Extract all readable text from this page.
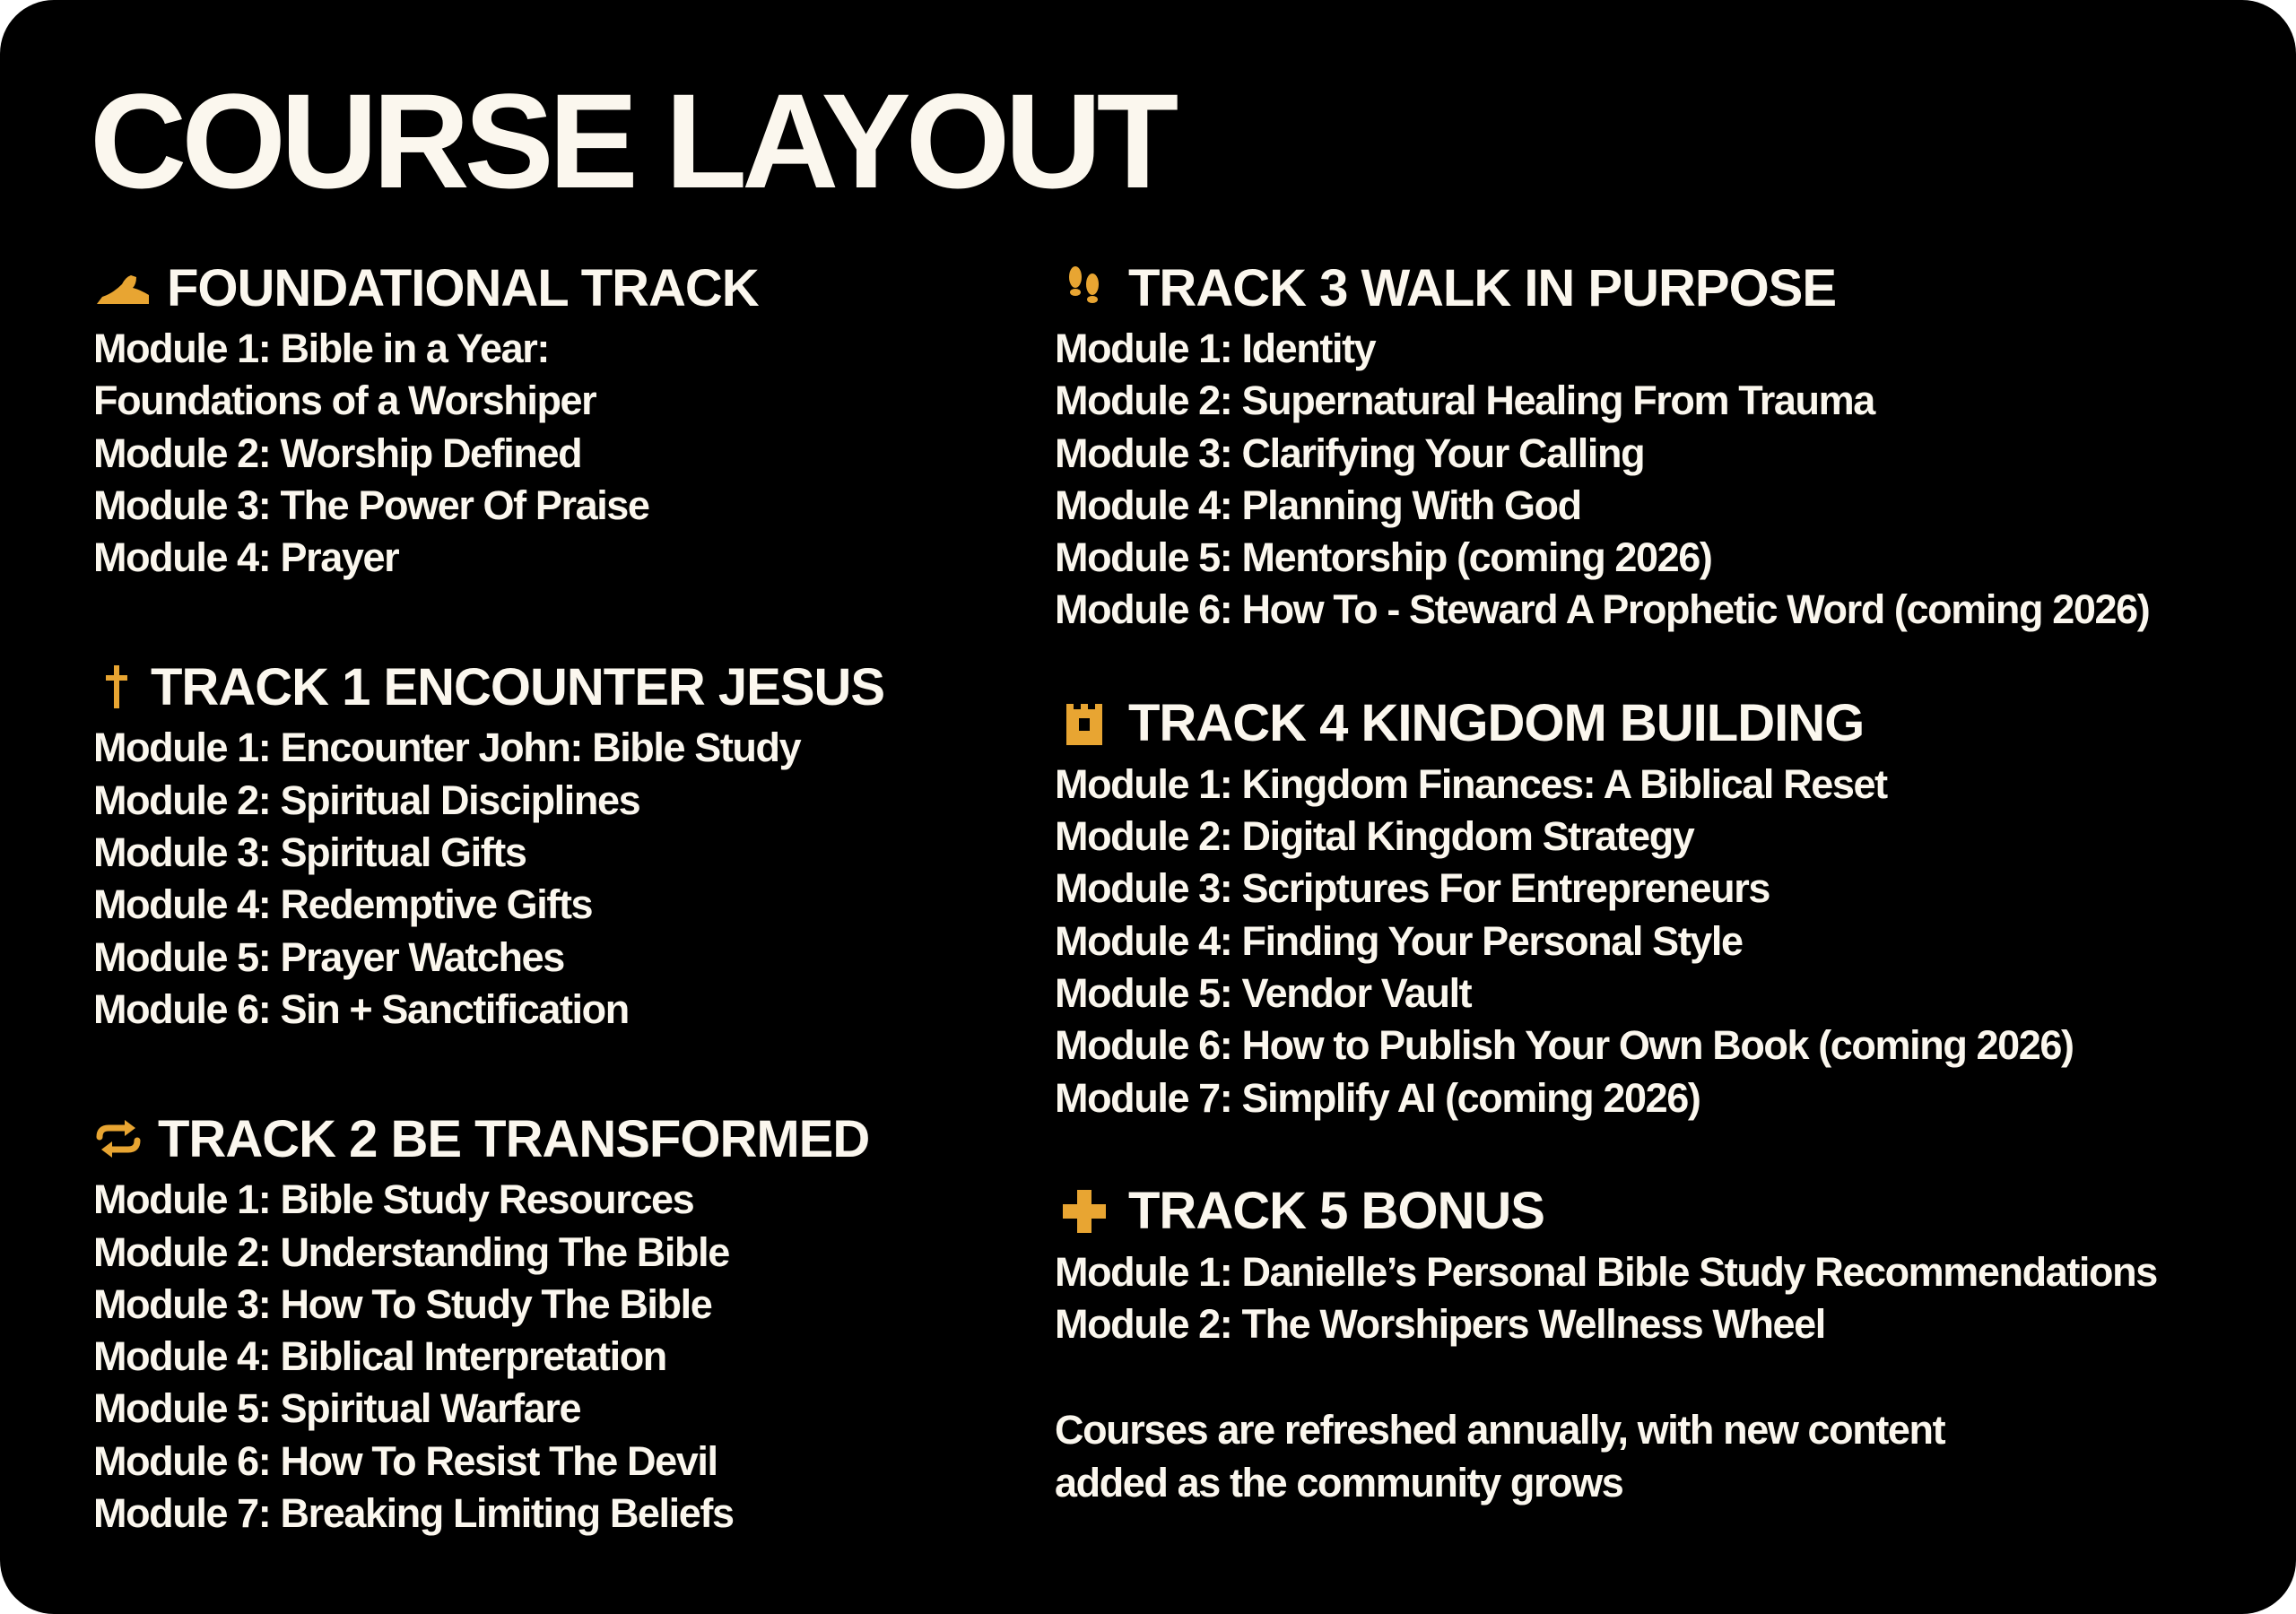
COURSE LAYOUT
FOUNDATIONAL TRACK
Module 1: Bible in a Year:
Foundations of a Worshiper
Module 2: Worship Defined
Module 3: The Power Of Praise
Module 4: Prayer
TRACK 1 ENCOUNTER JESUS
Module 1: Encounter John: Bible Study
Module 2: Spiritual Disciplines
Module 3: Spiritual Gifts
Module 4: Redemptive Gifts
Module 5: Prayer Watches
Module 6: Sin + Sanctification
TRACK 2 BE TRANSFORMED
Module 1: Bible Study Resources
Module 2: Understanding The Bible
Module 3: How To Study The Bible
Module 4: Biblical Interpretation
Module 5: Spiritual Warfare
Module 6: How To Resist The Devil
Module 7: Breaking Limiting Beliefs
TRACK 3 WALK IN PURPOSE
Module 1: Identity
Module 2: Supernatural Healing From Trauma
Module 3: Clarifying Your Calling
Module 4: Planning With God
Module 5: Mentorship (coming 2026)
Module 6: How To - Steward A Prophetic Word (coming 2026)
TRACK 4 KINGDOM BUILDING
Module 1: Kingdom Finances: A Biblical Reset
Module 2: Digital Kingdom Strategy
Module 3: Scriptures For Entrepreneurs
Module 4: Finding Your Personal Style
Module 5: Vendor Vault
Module 6: How to Publish Your Own Book (coming 2026)
Module 7: Simplify AI (coming 2026)
TRACK 5 BONUS
Module 1: Danielle’s Personal Bible Study Recommendations
Module 2: The Worshipers Wellness Wheel
Courses are refreshed annually, with new content
added as the community grows
